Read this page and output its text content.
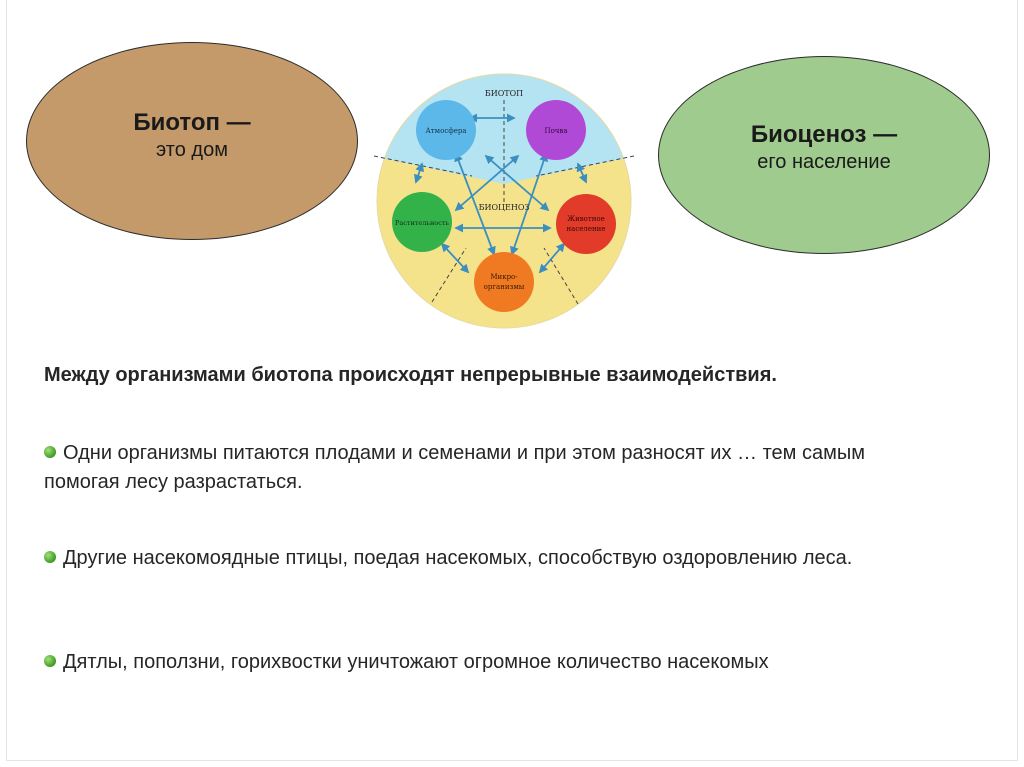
Биотоп —
это дом
Биоценоз —
его население
БИОТОП
БИОЦЕНОЗ
Атмосфера	Почва
Растительность	Животное
население
Микро-
организмы
Между организмами биотопа происходят непрерывные взаимодействия.
Одни организмы питаются плодами и семенами и при этом разносят их … тем самым помогая лесу разрастаться.
Другие насекомоядные птицы, поедая насекомых, способствую оздоровлению леса.
Дятлы, поползни, горихвостки уничтожают огромное количество насекомых
